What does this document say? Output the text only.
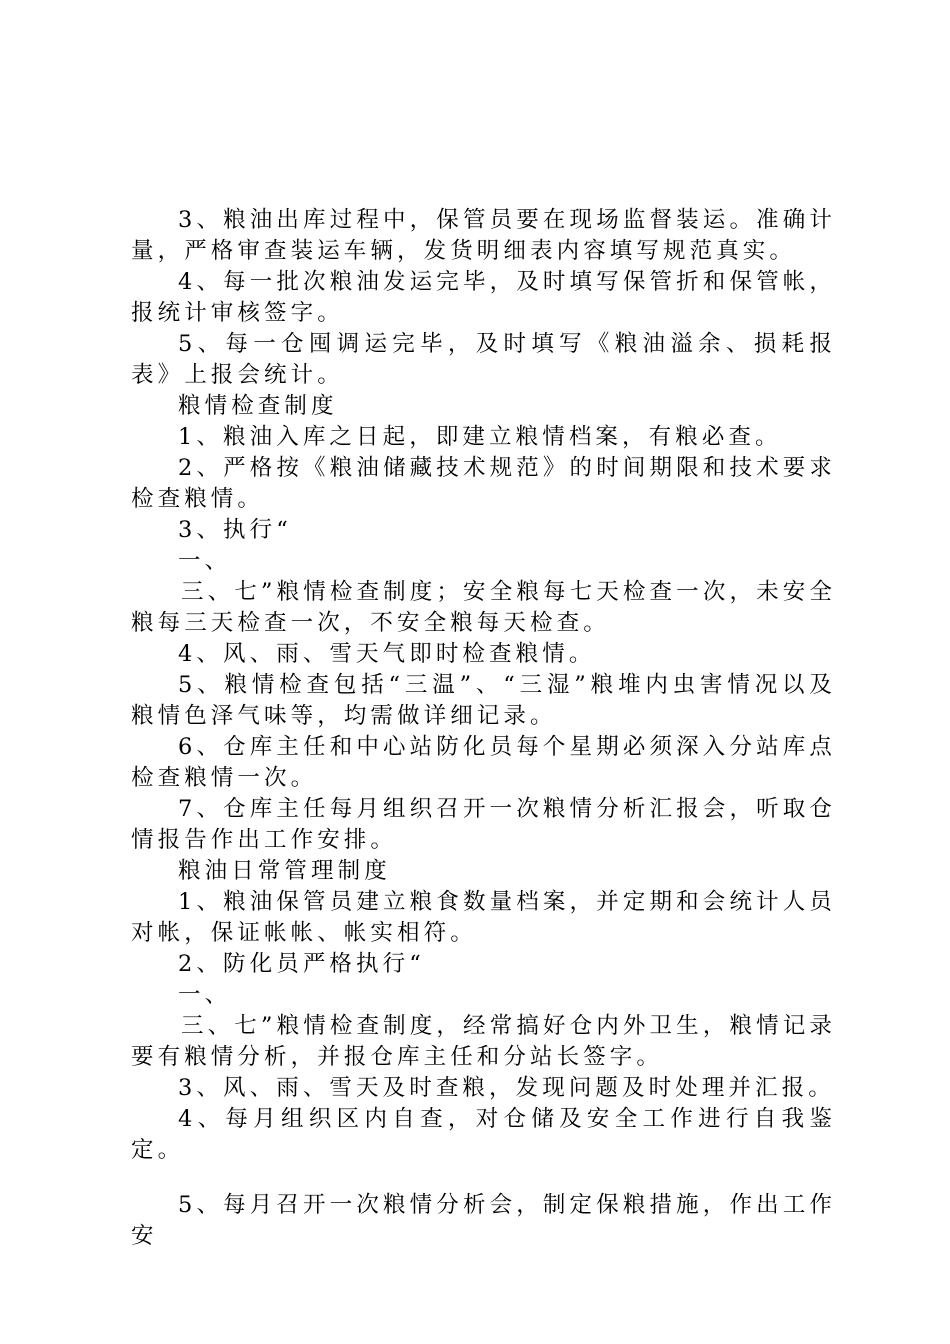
3、粮油出库过程中，保管员要在现场监督装运。准确计量，严格审查装运车辆，发货明细表内容填写规范真实。

4、每一批次粮油发运完毕，及时填写保管折和保管帐，报统计审核签字。

5、每一仓囤调运完毕，及时填写《粮油溢余、损耗报表》上报会统计。

粮情检查制度

1、粮油入库之日起，即建立粮情档案，有粮必查。

2、严格按《粮油储藏技术规范》的时间期限和技术要求检查粮情。

3、执行“

一、

三、七”粮情检查制度；安全粮每七天检查一次，未安全粮每三天检查一次，不安全粮每天检查。

4、风、雨、雪天气即时检查粮情。

5、粮情检查包括“三温”、“三湿”粮堆内虫害情况以及粮情色泽气味等，均需做详细记录。

6、仓库主任和中心站防化员每个星期必须深入分站库点检查粮情一次。

7、仓库主任每月组织召开一次粮情分析汇报会，听取仓情报告作出工作安排。

粮油日常管理制度

1、粮油保管员建立粮食数量档案，并定期和会统计人员对帐，保证帐帐、帐实相符。

2、防化员严格执行“

一、

三、七”粮情检查制度，经常搞好仓内外卫生，粮情记录要有粮情分析，并报仓库主任和分站长签字。

3、风、雨、雪天及时查粮，发现问题及时处理并汇报。

4、每月组织区内自查，对仓储及安全工作进行自我鉴定。

5、每月召开一次粮情分析会，制定保粮措施，作出工作安
